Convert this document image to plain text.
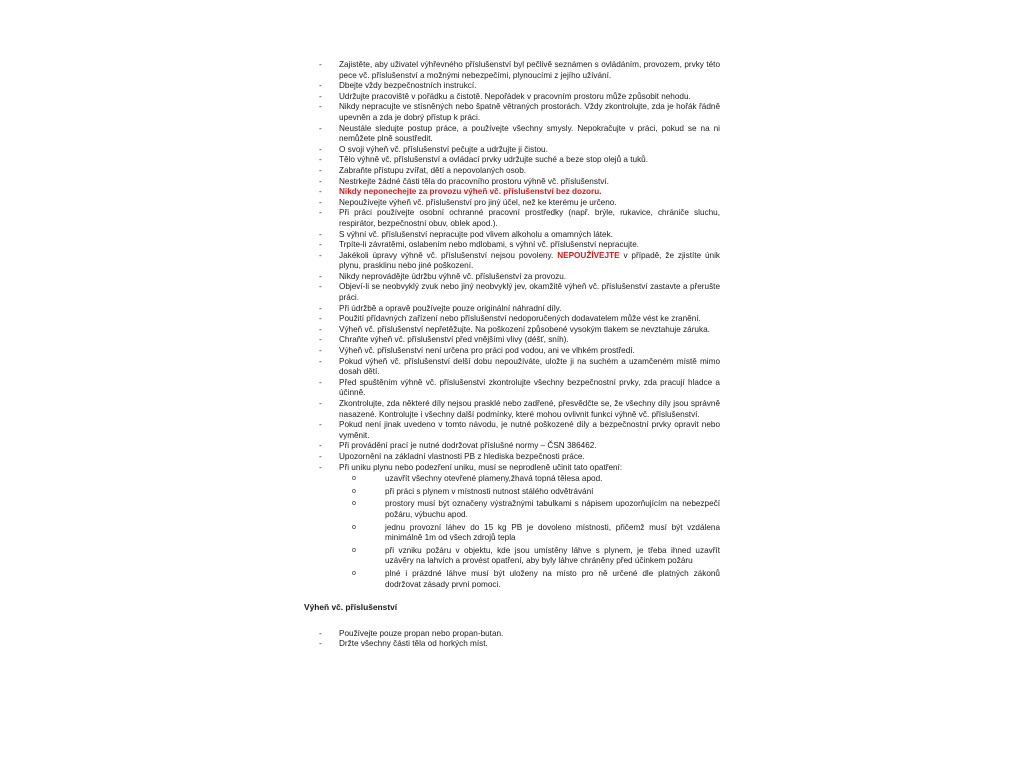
- Zajistěte, aby uživatel výhřevného příslušenství byl pečlivě seznámen s ovládáním, provozem, prvky této pece vč. příslušenství a možnými nebezpečími, plynoucími z jejího užívání.
- Dbejte vždy bezpečnostních instrukcí.
- Udržujte pracoviště v pořádku a čistotě. Nepořádek v pracovním prostoru může způsobit nehodu.
- Nikdy nepracujte ve stísněných nebo špatně větraných prostorách. Vždy zkontrolujte, zda je hořák řádně upevněn a zda je dobrý přístup k práci.
- Neustále sledujte postup práce, a používejte všechny smysly. Nepokračujte v práci, pokud se na ni nemůžete plně soustředit.
- O svoji výheň vč. příslušenství pečujte a udržujte ji čistou.
- Tělo výhně vč. příslušenství a ovládací prvky udržujte suché a beze stop olejů a tuků.
- Zabraňte přístupu zvířat, dětí a nepovolaných osob.
- Nestrkejte žádné části těla do pracovního prostoru výhně vč. příslušenství.
- Nikdy neponechejte za provozu výheň vč. příslušenství bez dozoru.
- Nepoužívejte výheň vč. příslušenství pro jiný účel, než ke kterému je určeno.
- Při práci používejte osobní ochranné pracovní prostředky (např. brýle, rukavice, chrániče sluchu, respirátor, bezpečnostní obuv, oblek apod.).
- S výhní vč. příslušenství nepracujte pod vlivem alkoholu a omamných látek.
- Trpíte-li závratěmi, oslabením nebo mdlobami, s výhní vč. příslušenství nepracujte.
- Jakékoli úpravy výhně vč. příslušenství nejsou povoleny. NEPOUŽÍVEJTE v případě, že zjistíte únik plynu, prasklinu nebo jiné poškození.
- Nikdy neprovádějte údržbu výhně vč. příslušenství za provozu.
- Objeví-li se neobvyklý zvuk nebo jiný neobvyklý jev, okamžitě výheň vč. příslušenství zastavte a přerušte práci.
- Při údržbě a opravě používejte pouze originální náhradní díly.
- Použití přídavných zařízení nebo příslušenství nedoporučených dodavatelem může vést ke zranění.
- Výheň vč. příslušenství nepřetěžujte. Na poškození způsobené vysokým tlakem se nevztahuje záruka.
- Chraňte výheň vč. příslušenství před vnějšími vlivy (déšť, sníh).
- Výheň vč. příslušenství není určena pro práci pod vodou, ani ve vlhkém prostředí.
- Pokud výheň vč. příslušenství delší dobu nepoužíváte, uložte ji na suchém a uzamčeném místě mimo dosah dětí.
- Před spuštěním výhně vč. příslušenství zkontrolujte všechny bezpečnostní prvky, zda pracují hladce a účinně.
- Zkontrolujte, zda některé díly nejsou prasklé nebo zadřené, přesvědčte se, že všechny díly jsou správně nasazené. Kontrolujte i všechny další podmínky, které mohou ovlivnit funkci výhně vč. příslušenství.
- Pokud není jinak uvedeno v tomto návodu, je nutné poškozené díly a bezpečnostní prvky opravit nebo vyměnit.
- Při provádění prací je nutné dodržovat příslušné normy – ČSN 386462.
- Upozornění na základní vlastnosti PB z hlediska bezpečnosti práce.
- Při uniku plynu nebo podezření uniku, musí se neprodleně učinit tato opatření:
o	uzavřít všechny otevřené plameny,žhavá topná tělesa apod.
o	při práci s plynem v místnosti nutnost stálého odvětrávání
o	prostory musí být označeny výstražnými tabulkami s nápisem upozorňujícím na nebezpečí požáru, výbuchu apod.
o	jednu provozní láhev do 15 kg PB je dovoleno místnosti, přičemž musí být vzdálena minimálně 1m od všech zdrojů tepla
o	při vzniku požáru v objektu, kde jsou umístěny láhve s plynem, je třeba ihned uzavřít uzávěry na lahvích a provést opatření, aby byly láhve chráněny před účinkem požáru
o	plné i prázdné láhve musí být uloženy na místo pro ně určené dle platných zákonů dodržovat zásady první pomoci.
Výheň vč. příslušenství
- Používejte pouze propan nebo propan-butan.
- Držte všechny části těla od horkých míst.
